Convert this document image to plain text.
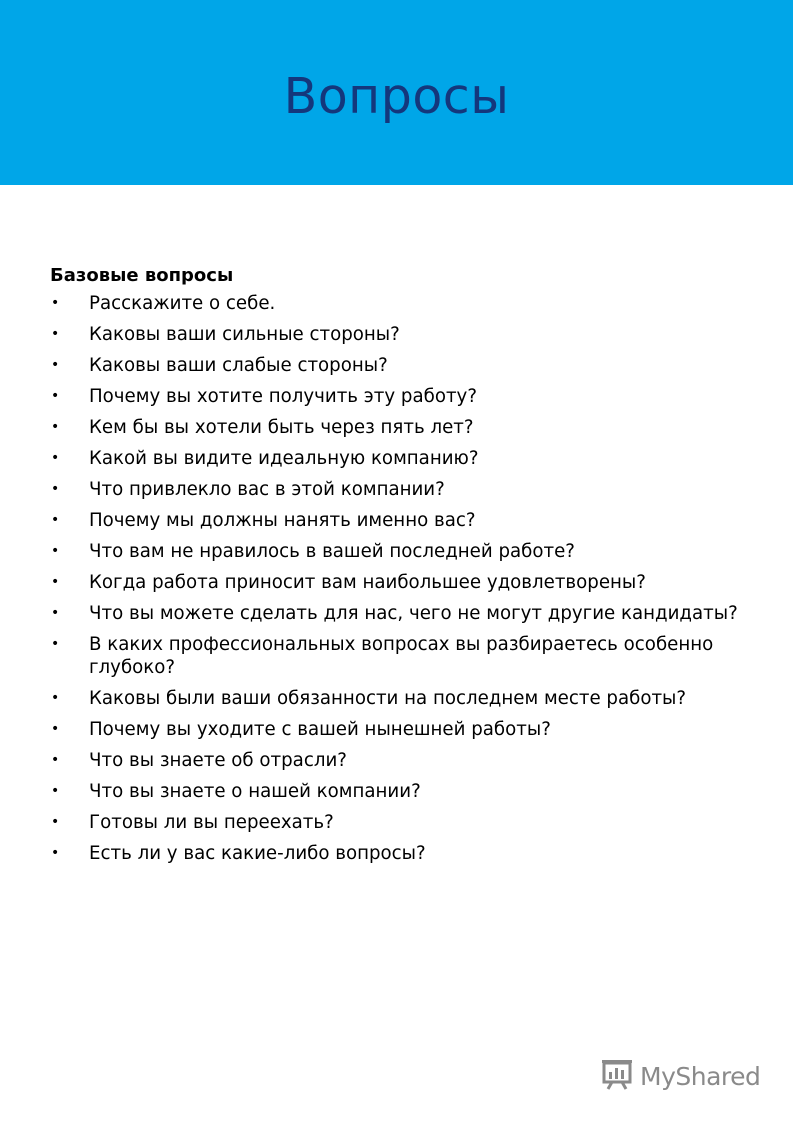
Вопросы
Базовые вопросы
• Расскажите о себе.
• Каковы ваши сильные стороны?
• Каковы ваши слабые стороны?
• Почему вы хотите получить эту работу?
• Кем бы вы хотели быть через пять лет?
• Какой вы видите идеальную компанию?
• Что привлекло вас в этой компании?
• Почему мы должны нанять именно вас?
• Что вам не нравилось в вашей последней работе?
• Когда работа приносит вам наибольшее удовлетворены?
• Что вы можете сделать для нас, чего не могут другие кандидаты?
• В каких профессиональных вопросах вы разбираетесь особенно глубоко?
• Каковы были ваши обязанности на последнем месте работы?
• Почему вы уходите с вашей нынешней работы?
• Что вы знаете об отрасли?
• Что вы знаете о нашей компании?
• Готовы ли вы переехать?
• Есть ли у вас какие-либо вопросы?
MyShared
